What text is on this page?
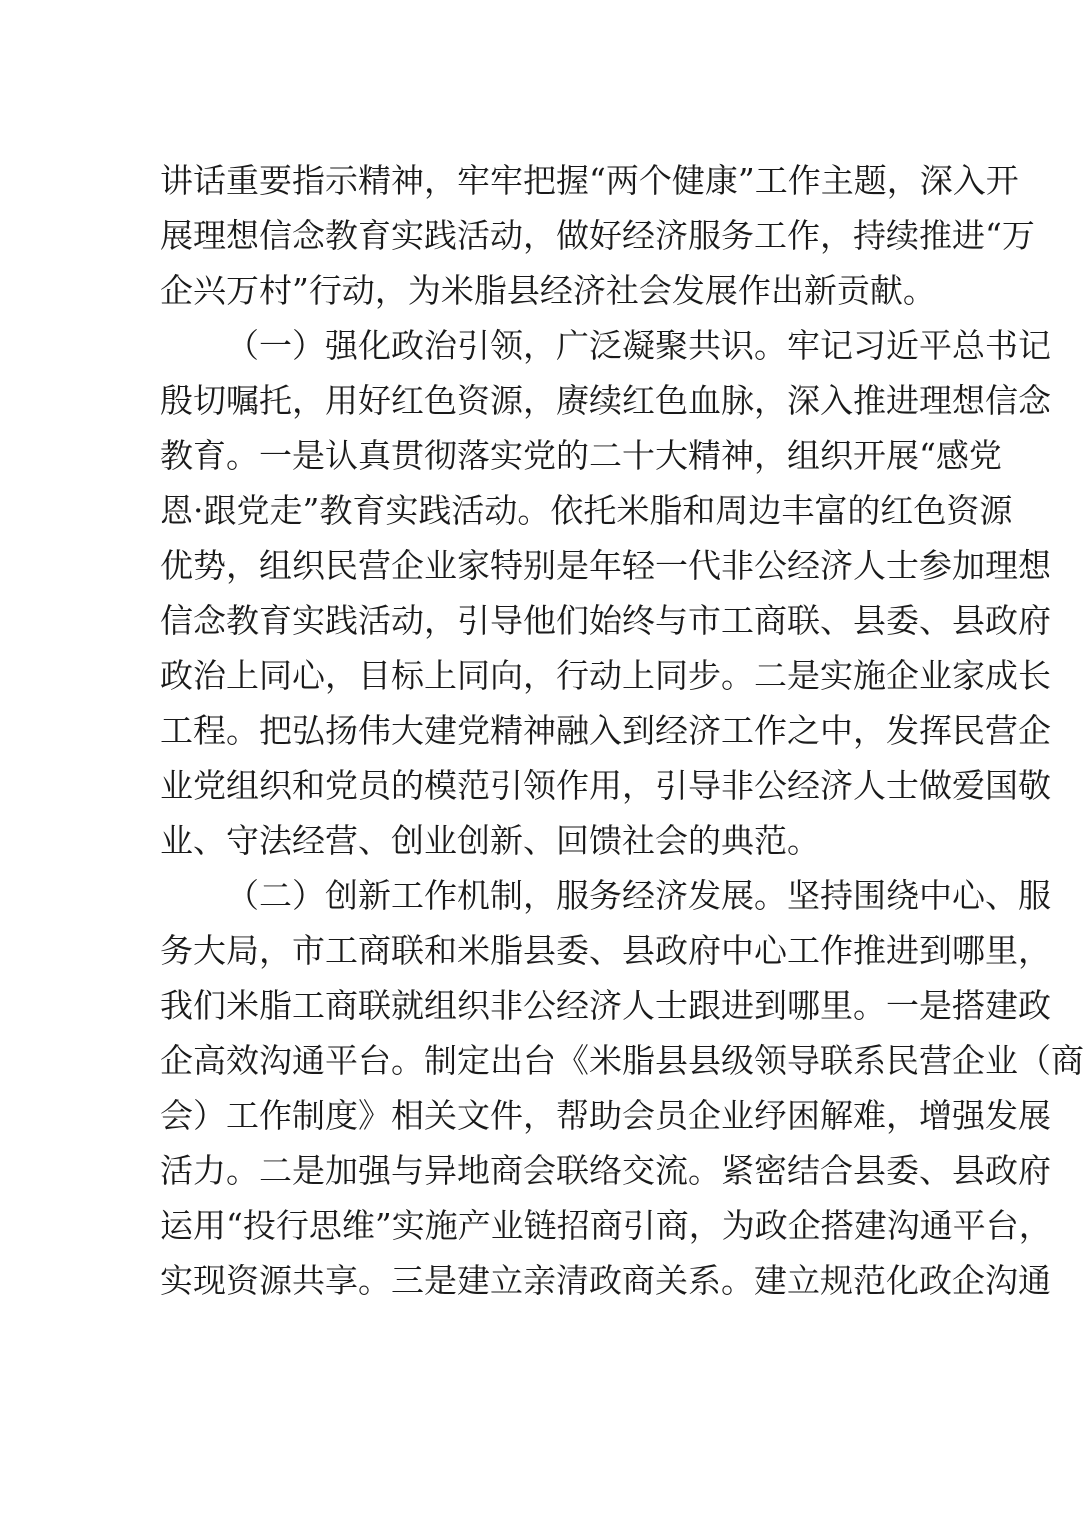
讲话重要指示精神，牢牢把握“两个健康”工作主题，深入开
展理想信念教育实践活动，做好经济服务工作，持续推进“万
企兴万村”行动，为米脂县经济社会发展作出新贡献。
（一）强化政治引领，广泛凝聚共识。牢记习近平总书记
殷切嘱托，用好红色资源，赓续红色血脉，深入推进理想信念
教育。一是认真贯彻落实党的二十大精神，组织开展“感党
恩·跟党走”教育实践活动。依托米脂和周边丰富的红色资源
优势，组织民营企业家特别是年轻一代非公经济人士参加理想
信念教育实践活动，引导他们始终与市工商联、县委、县政府
政治上同心，目标上同向，行动上同步。二是实施企业家成长
工程。把弘扬伟大建党精神融入到经济工作之中，发挥民营企
业党组织和党员的模范引领作用，引导非公经济人士做爱国敬
业、守法经营、创业创新、回馈社会的典范。
（二）创新工作机制，服务经济发展。坚持围绕中心、服
务大局，市工商联和米脂县委、县政府中心工作推进到哪里，
我们米脂工商联就组织非公经济人士跟进到哪里。一是搭建政
企高效沟通平台。制定出台《米脂县县级领导联系民营企业（商
会）工作制度》相关文件，帮助会员企业纾困解难，增强发展
活力。二是加强与异地商会联络交流。紧密结合县委、县政府
运用“投行思维”实施产业链招商引商，为政企搭建沟通平台，
实现资源共享。三是建立亲清政商关系。建立规范化政企沟通
